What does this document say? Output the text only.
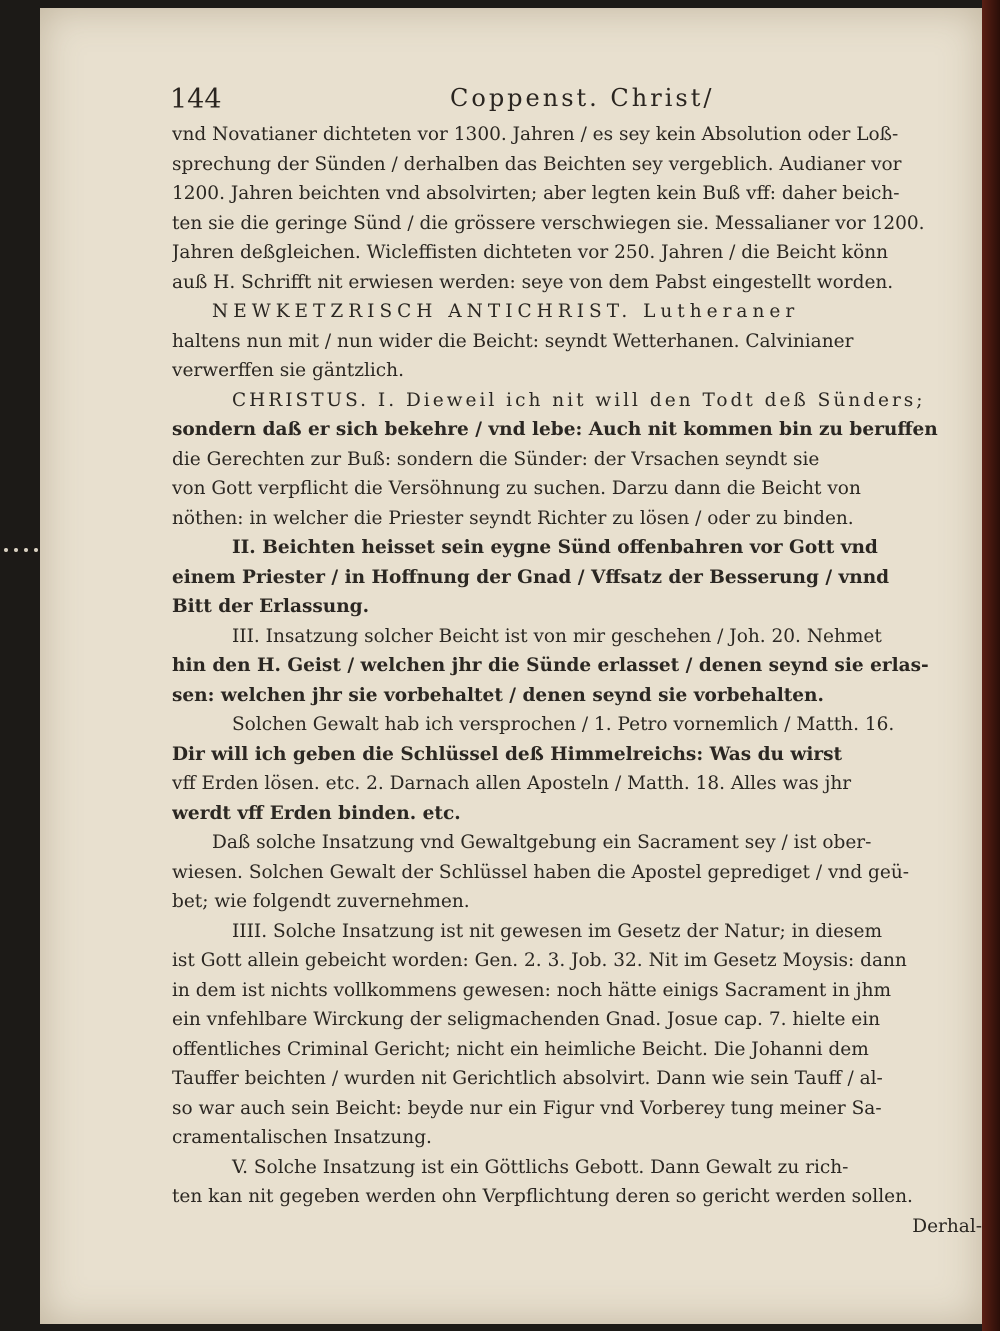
144	Coppenst. Christ/
vnd Novatianer dichteten vor 1300. Jahren / es sey kein Absolution oder Loß-
sprechung der Sünden / derhalben das Beichten sey vergeblich. Audianer vor
1200. Jahren beichten vnd absolvirten; aber legten kein Buß vff: daher beich-
ten sie die geringe Sünd / die grössere verschwiegen sie. Messalianer vor 1200.
Jahren deßgleichen. Wicleffisten dichteten vor 250. Jahren / die Beicht könn
auß H. Schrifft nit erwiesen werden: seye von dem Pabst eingestellt worden.
NEWKETZRISCH ANTICHRIST. Lutheraner
haltens nun mit / nun wider die Beicht: seyndt Wetterhanen. Calvinianer
verwerffen sie gäntzlich.
CHRISTUS. I. Dieweil ich nit will den Todt deß Sünders;
sondern daß er sich bekehre / vnd lebe: Auch nit kommen bin zu beruffen
die Gerechten zur Buß: sondern die Sünder: der Vrsachen seyndt sie
von Gott verpflicht die Versöhnung zu suchen. Darzu dann die Beicht von
nöthen: in welcher die Priester seyndt Richter zu lösen / oder zu binden.
II. Beichten heisset sein eygne Sünd offenbahren vor Gott vnd
einem Priester / in Hoffnung der Gnad / Vffsatz der Besserung / vnnd
Bitt der Erlassung.
III. Insatzung solcher Beicht ist von mir geschehen / Joh. 20. Nehmet
hin den H. Geist / welchen jhr die Sünde erlasset / denen seynd sie erlas-
sen: welchen jhr sie vorbehaltet / denen seynd sie vorbehalten.
Solchen Gewalt hab ich versprochen / 1. Petro vornemlich / Matth. 16.
Dir will ich geben die Schlüssel deß Himmelreichs: Was du wirst
vff Erden lösen. etc. 2. Darnach allen Aposteln / Matth. 18. Alles was jhr
werdt vff Erden binden. etc.
Daß solche Insatzung vnd Gewaltgebung ein Sacrament sey / ist ober-
wiesen. Solchen Gewalt der Schlüssel haben die Apostel geprediget / vnd geü-
bet; wie folgendt zuvernehmen.
IIII. Solche Insatzung ist nit gewesen im Gesetz der Natur; in diesem
ist Gott allein gebeicht worden: Gen. 2. 3. Job. 32. Nit im Gesetz Moysis: dann
in dem ist nichts vollkommens gewesen: noch hätte einigs Sacrament in jhm
ein vnfehlbare Wirckung der seligmachenden Gnad. Josue cap. 7. hielte ein
offentliches Criminal Gericht; nicht ein heimliche Beicht. Die Johanni dem
Tauffer beichten / wurden nit Gerichtlich absolvirt. Dann wie sein Tauff / al-
so war auch sein Beicht: beyde nur ein Figur vnd Vorberey tung meiner Sa-
cramentalischen Insatzung.
V. Solche Insatzung ist ein Göttlichs Gebott. Dann Gewalt zu rich-
ten kan nit gegeben werden ohn Verpflichtung deren so gericht werden sollen.
Derhal-
